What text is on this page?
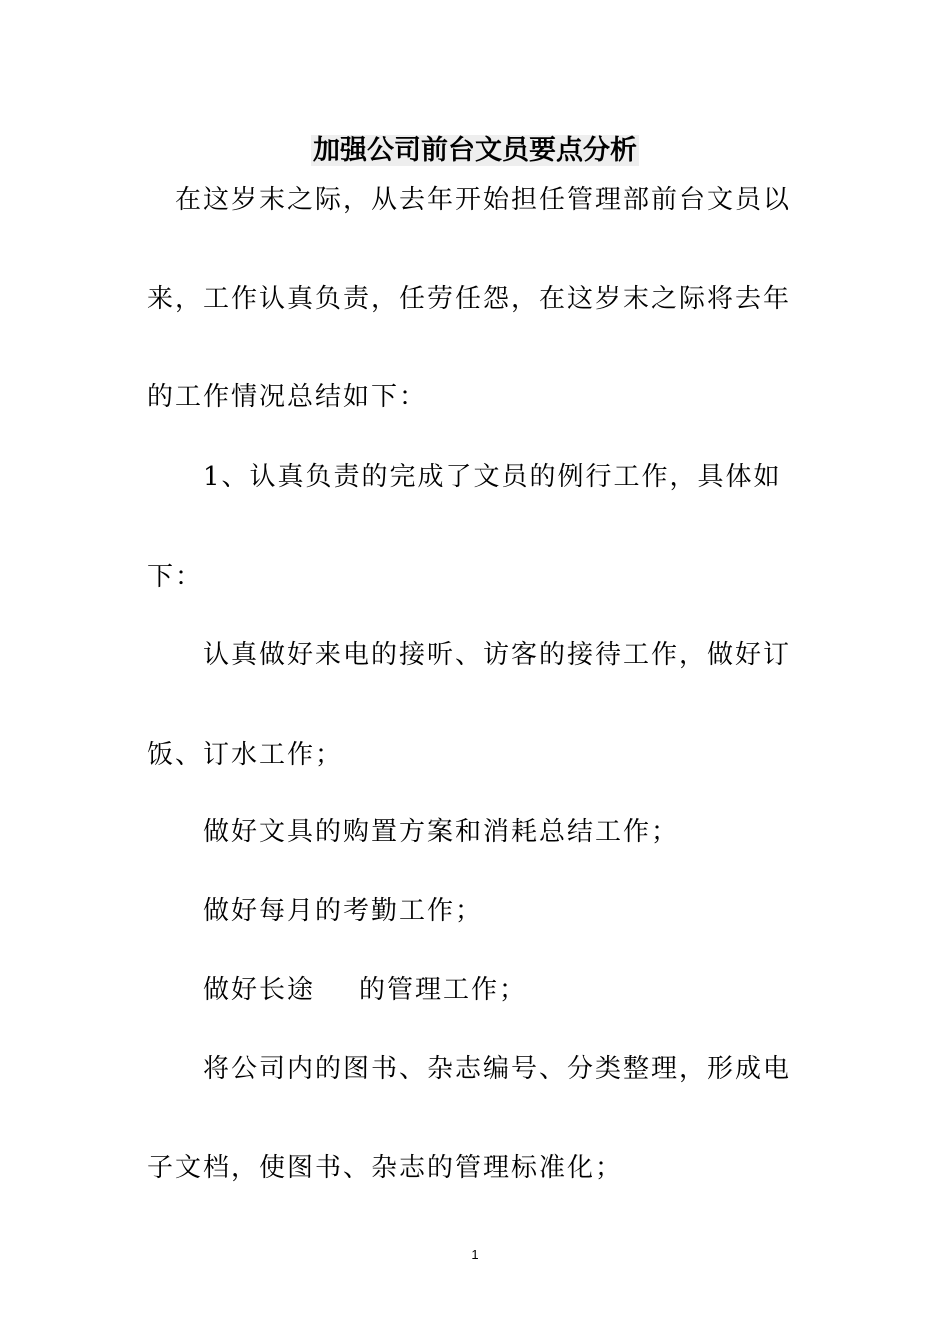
加强公司前台文员要点分析
在这岁末之际，从去年开始担任管理部前台文员以
来，工作认真负责，任劳任怨，在这岁末之际将去年
的工作情况总结如下：
1、认真负责的完成了文员的例行工作，具体如
下：
认真做好来电的接听、访客的接待工作，做好订
饭、订水工作；
做好文具的购置方案和消耗总结工作；
做好每月的考勤工作；
做好长途 的管理工作；
将公司内的图书、杂志编号、分类整理，形成电
子文档，使图书、杂志的管理标准化；
1
